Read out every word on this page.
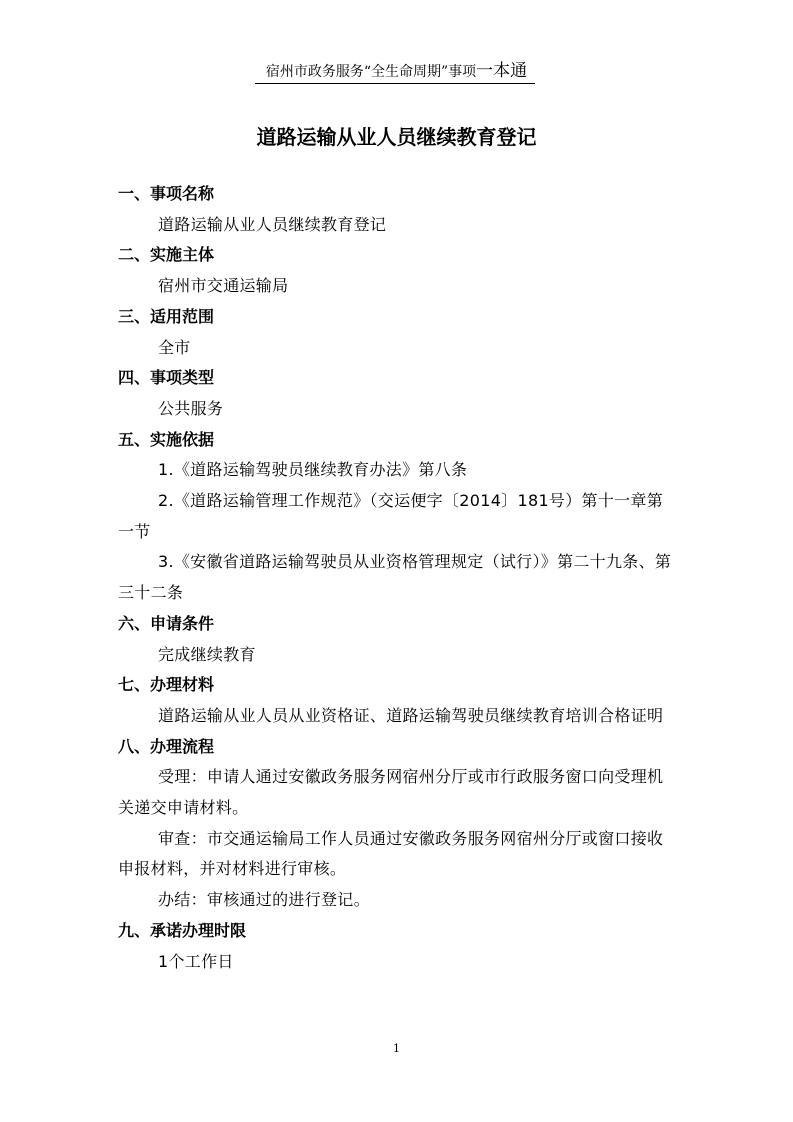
宿州市政务服务“全生命周期”事项一本通
道路运输从业人员继续教育登记
一、事项名称
道路运输从业人员继续教育登记
二、实施主体
宿州市交通运输局
三、适用范围
全市
四、事项类型
公共服务
五、实施依据
1.《道路运输驾驶员继续教育办法》第八条
2.《道路运输管理工作规范》（交运便字〔2014〕181号）第十一章第一节
3.《安徽省道路运输驾驶员从业资格管理规定（试行）》第二十九条、第三十二条
六、申请条件
完成继续教育
七、办理材料
道路运输从业人员从业资格证、道路运输驾驶员继续教育培训合格证明
八、办理流程
受理：申请人通过安徽政务服务网宿州分厅或市行政服务窗口向受理机关递交申请材料。
审查：市交通运输局工作人员通过安徽政务服务网宿州分厅或窗口接收申报材料，并对材料进行审核。
办结：审核通过的进行登记。
九、承诺办理时限
1个工作日
1
